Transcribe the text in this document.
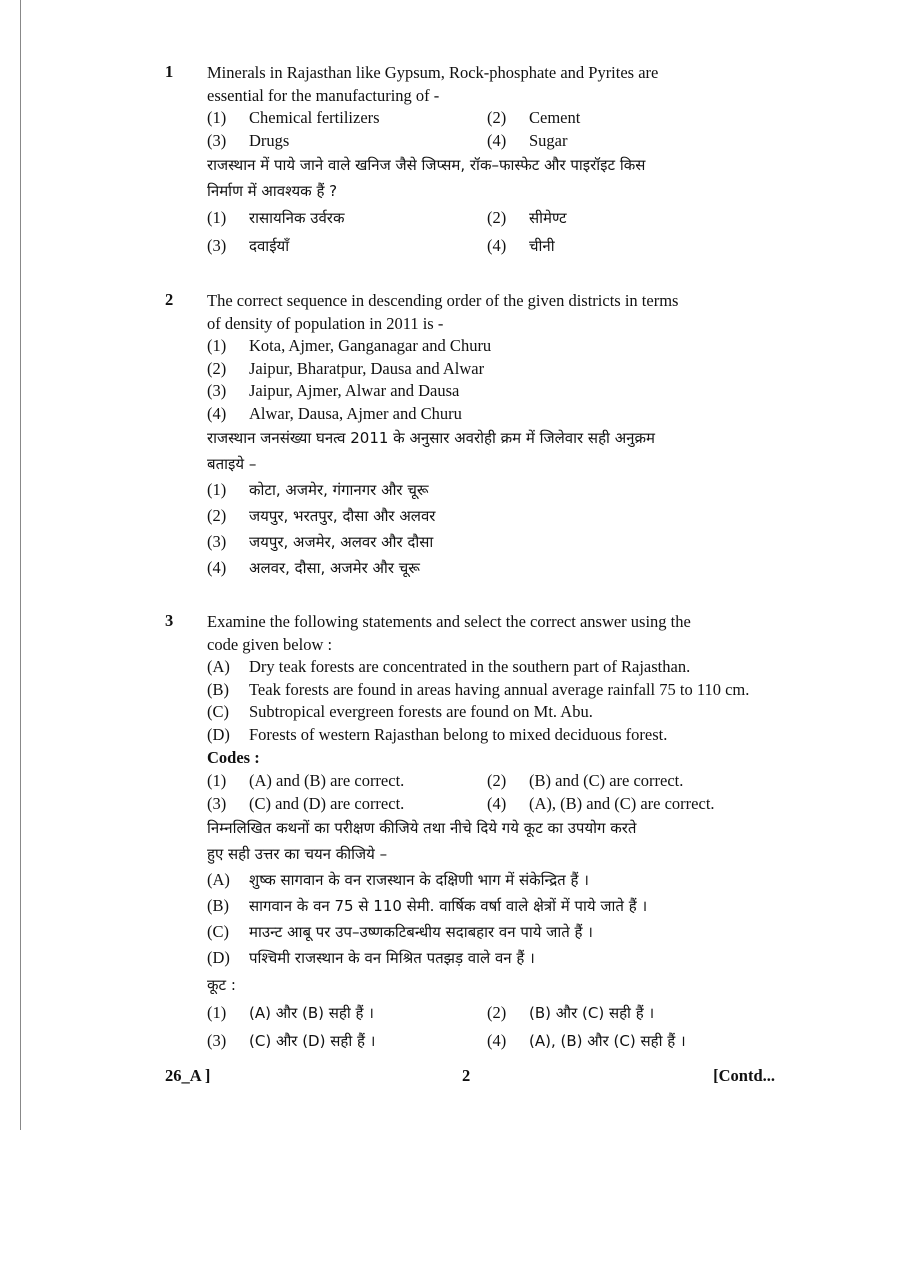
1 Minerals in Rajasthan like Gypsum, Rock-phosphate and Pyrites are
essential for the manufacturing of -
(1)	Chemical fertilizers	(2)	Cement
(3)	Drugs	(4)	Sugar
राजस्थान में पाये जाने वाले खनिज जैसे जिप्सम, रॉक–फास्फेट और पाइरॉइट किस
निर्माण में आवश्यक हैं ?
(1)	रासायनिक उर्वरक	(2)	सीमेण्ट
(3)	दवाईयाँ	(4)	चीनी
2 The correct sequence in descending order of the given districts in terms
of density of population in 2011 is -
(1)	Kota, Ajmer, Ganganagar and Churu
(2)	Jaipur, Bharatpur, Dausa and Alwar
(3)	Jaipur, Ajmer, Alwar and Dausa
(4)	Alwar, Dausa, Ajmer and Churu
राजस्थान जनसंख्या घनत्व 2011 के अनुसार अवरोही क्रम में जिलेवार सही अनुक्रम
बताइये –
(1)	कोटा, अजमेर, गंगानगर और चूरू
(2)	जयपुर, भरतपुर, दौसा और अलवर
(3)	जयपुर, अजमेर, अलवर और दौसा
(4)	अलवर, दौसा, अजमेर और चूरू
3 Examine the following statements and select the correct answer using the
code given below :
(A)	Dry teak forests are concentrated in the southern part of Rajasthan.
(B)	Teak forests are found in areas having annual average rainfall 75 to 110 cm.
(C)	Subtropical evergreen forests are found on Mt. Abu.
(D)	Forests of western Rajasthan belong to mixed deciduous forest.
Codes :
(1)	(A) and (B) are correct.	(2)	(B) and (C) are correct.
(3)	(C) and (D) are correct.	(4)	(A), (B) and (C) are correct.
निम्नलिखित कथनों का परीक्षण कीजिये तथा नीचे दिये गये कूट का उपयोग करते
हुए सही उत्तर का चयन कीजिये –
(A)	शुष्क सागवान के वन राजस्थान के दक्षिणी भाग में संकेन्द्रित हैं ।
(B)	सागवान के वन 75 से 110 सेमी. वार्षिक वर्षा वाले क्षेत्रों में पाये जाते हैं ।
(C)	माउन्ट आबू पर उप–उष्णकटिबन्धीय सदाबहार वन पाये जाते हैं ।
(D)	पश्चिमी राजस्थान के वन मिश्रित पतझड़ वाले वन हैं ।
कूट :
(1)	(A) और (B) सही हैं ।	(2)	(B) और (C) सही हैं ।
(3)	(C) और (D) सही हैं ।	(4)	(A), (B) और (C) सही हैं ।
26_A ]	2	[Contd...
